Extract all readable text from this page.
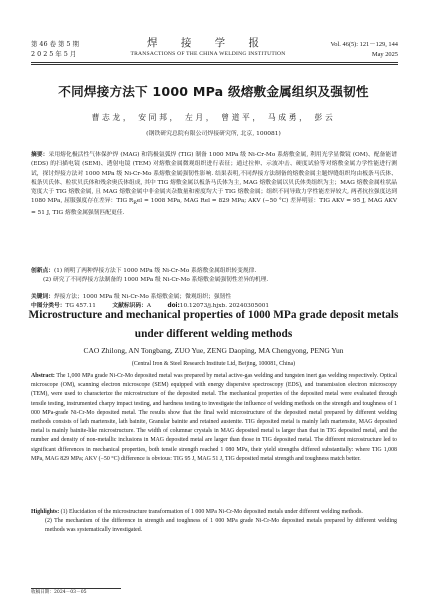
第 46 卷 第 5 期
2 0 2 5 年 5 月
焊 接 学 报
TRANSACTIONS OF THE CHINA WELDING INSTITUTION
Vol. 46(5): 121－129, 144
May 2025
不同焊接方法下 1000 MPa 级熔敷金属组织及强韧性
曹志龙， 安同邦， 左月， 曾道平， 马成勇， 彭云
(钢铁研究总院有限公司焊接研究所, 北京, 100081)
摘要：采用熔化极活性气体保护焊 (MAG) 和钨极氩弧焊 (TIG) 制备 1000 MPa 级 Ni-Cr-Mo 系熔敷金属, 利用光学显微镜 (OM)、配备能谱 (EDS) 的扫描电镜 (SEM)、透射电镜 (TEM) 对熔敷金属微观组织进行表征；通过拉伸、示波冲击、硬度试验等对熔敷金属力学性能进行测试，探讨焊接方法对 1000 MPa 级 Ni-Cr-Mo 系熔敷金属强韧性影响. 结果表明,不同焊接方法制备的熔敷金属主题焊缝组织均由板条马氏体、板条贝氏体、粒状贝氏体和残余奥氏体组成, 其中 TIG 熔敷金属以板条马氏体为主, MAG 熔敷金属以贝氏体类组织为主；MAG 熔敷金属柱状晶宽度大于 TIG 熔敷金属, 且 MAG 熔敷金属中非金属夹杂数量和密度均大于 TIG 熔敷金属；组织不同导致力学性能差异较大, 两者抗拉强度达到 1080 MPa, 屈服强度存在差异：TIG $R_Rel = 1008$ MPa, MAG Rel = 829 MPa; AKV (−50 °C) 差异明显：TIG AKV = 95 J, MAG AKV = 51 J, TIG 熔敷金属强韧匹配更佳.
创新点：(1) 阐明了两种焊接方法下 1000 MPa 级 Ni-Cr-Mo 系熔敷金属组织转变规律.
(2) 研究了不同焊接方法制备的 1000 MPa 级 Ni-Cr-Mo 系熔敷金属强韧性差异的机理.
关键词：焊接方法；1000 MPa 级 Ni-Cr-Mo 系熔敷金属；微观组织；强韧性
中图分类号：TG 457.11	文献标识码：A	doi:10.12073/j.hjxb. 20240305001
Microstructure and mechanical properties of 1000 MPa grade deposit metals under different welding methods
CAO Zhilong, AN Tongbang, ZUO Yue, ZENG Daoping, MA Chengyong, PENG Yun
(Central Iron & Steel Research Institute Ltd, Beijing, 100081, China)
Abstract: The 1,000 MPa grade Ni-Cr-Mo deposited metal was prepared by metal active-gas welding and tungsten inert gas welding respectively. Optical microscope (OM), scanning electron microscope (SEM) equipped with energy dispersive spectroscopy (EDS), and transmission electron microscopy (TEM), were used to characterize the microstructure of the deposited metal. The mechanical properties of the deposited metal were evaluated through tensile testing, instrumented charpy impact testing, and hardness testing to investigate the influence of welding methods on the strength and toughness of 1 000 MPa-grade Ni-Cr-Mo deposited metal. The results show that the final weld microstructure of the deposited metal prepared by different welding methods consists of lath martensite, lath bainite, Granular bainite and retained austenite. TIG deposited metal is mainly lath martensite, MAG deposited metal is mainly bainite-like microstructure. The width of columnar crystals in MAG deposited metal is larger than that in TIG deposited metal, and the number and density of non-metallic inclusions in MAG deposited metal are larger than those in TIG deposited metal. The different microstructure led to significant differences in mechanical properties, both tensile strength reached 1 080 MPa, their yield strengths differed substantially: where TIG 1,008 MPa, MAG 829 MPa; AKV (−50 °C) difference is obvious: TIG 95 J, MAG 51 J, TIG deposited metal strength and toughness match better.
Highlights: (1) Elucidation of the microstructure transformation of 1 000 MPa Ni-Cr-Mo deposited metals under different welding methods.
(2) The mechanism of the difference in strength and toughness of 1 000 MPa grade Ni-Cr-Mo deposited metals prepared by different welding methods was systematically investigated.
收稿日期：2024－03－05
